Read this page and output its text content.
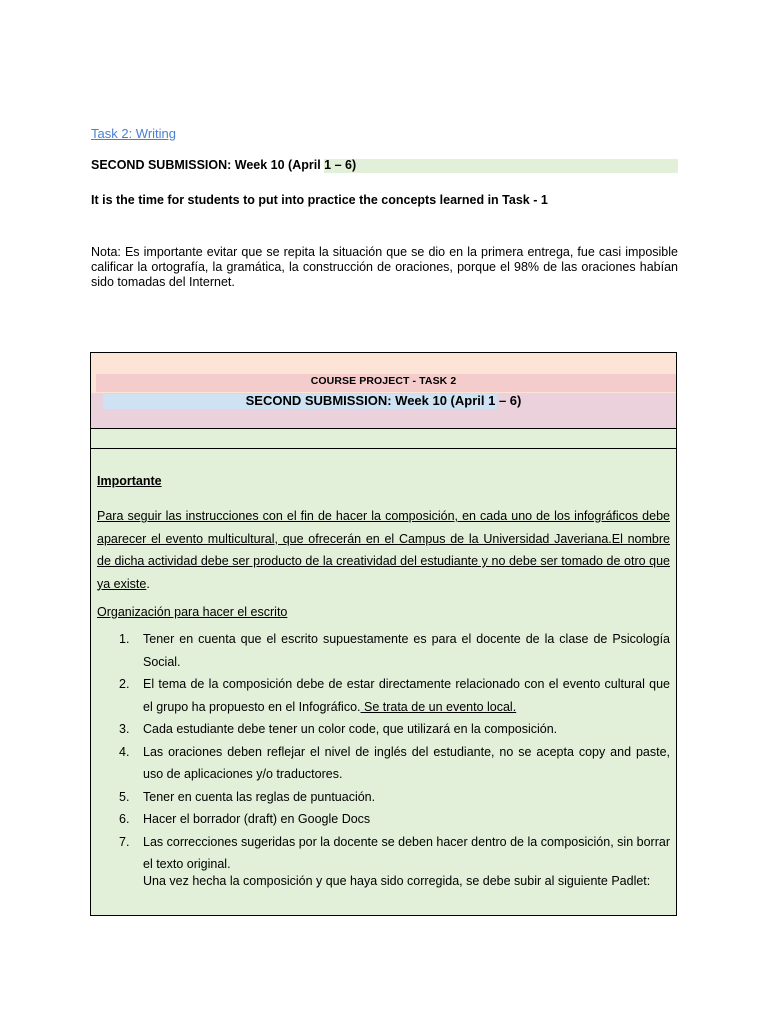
Task 2: Writing
SECOND SUBMISSION: Week 10 (April 1 – 6)
It is the time for students to put into practice the concepts learned in Task - 1
Nota: Es importante evitar que se repita la situación que se dio en la primera entrega, fue casi imposible calificar la ortografía, la gramática, la construcción de oraciones, porque el 98% de las oraciones habían sido tomadas del Internet.
COURSE PROJECT - TASK 2
SECOND SUBMISSION: Week 10 (April 1 – 6)
Importante
Para seguir las instrucciones con el fin de hacer la composición, en cada uno de los infográficos debe aparecer el evento multicultural, que ofrecerán en el Campus de la Universidad Javeriana.El nombre de dicha actividad debe ser producto de la creatividad del estudiante y no debe ser tomado de otro que ya existe.
Organización para hacer el escrito
1. Tener en cuenta que el escrito supuestamente es para el docente de la clase de Psicología Social.
2. El tema de la composición debe de estar directamente relacionado con el evento cultural que el grupo ha propuesto en el Infográfico. Se trata de un evento local.
3. Cada estudiante debe tener un color code, que utilizará en la composición.
4. Las oraciones deben reflejar el nivel de inglés del estudiante, no se acepta copy and paste, uso de aplicaciones y/o traductores.
5. Tener en cuenta las reglas de puntuación.
6. Hacer el borrador (draft) en Google Docs
7. Las correcciones sugeridas por la docente se deben hacer dentro de la composición, sin borrar el texto original.
Una vez hecha la composición y que haya sido corregida, se debe subir al siguiente Padlet:
